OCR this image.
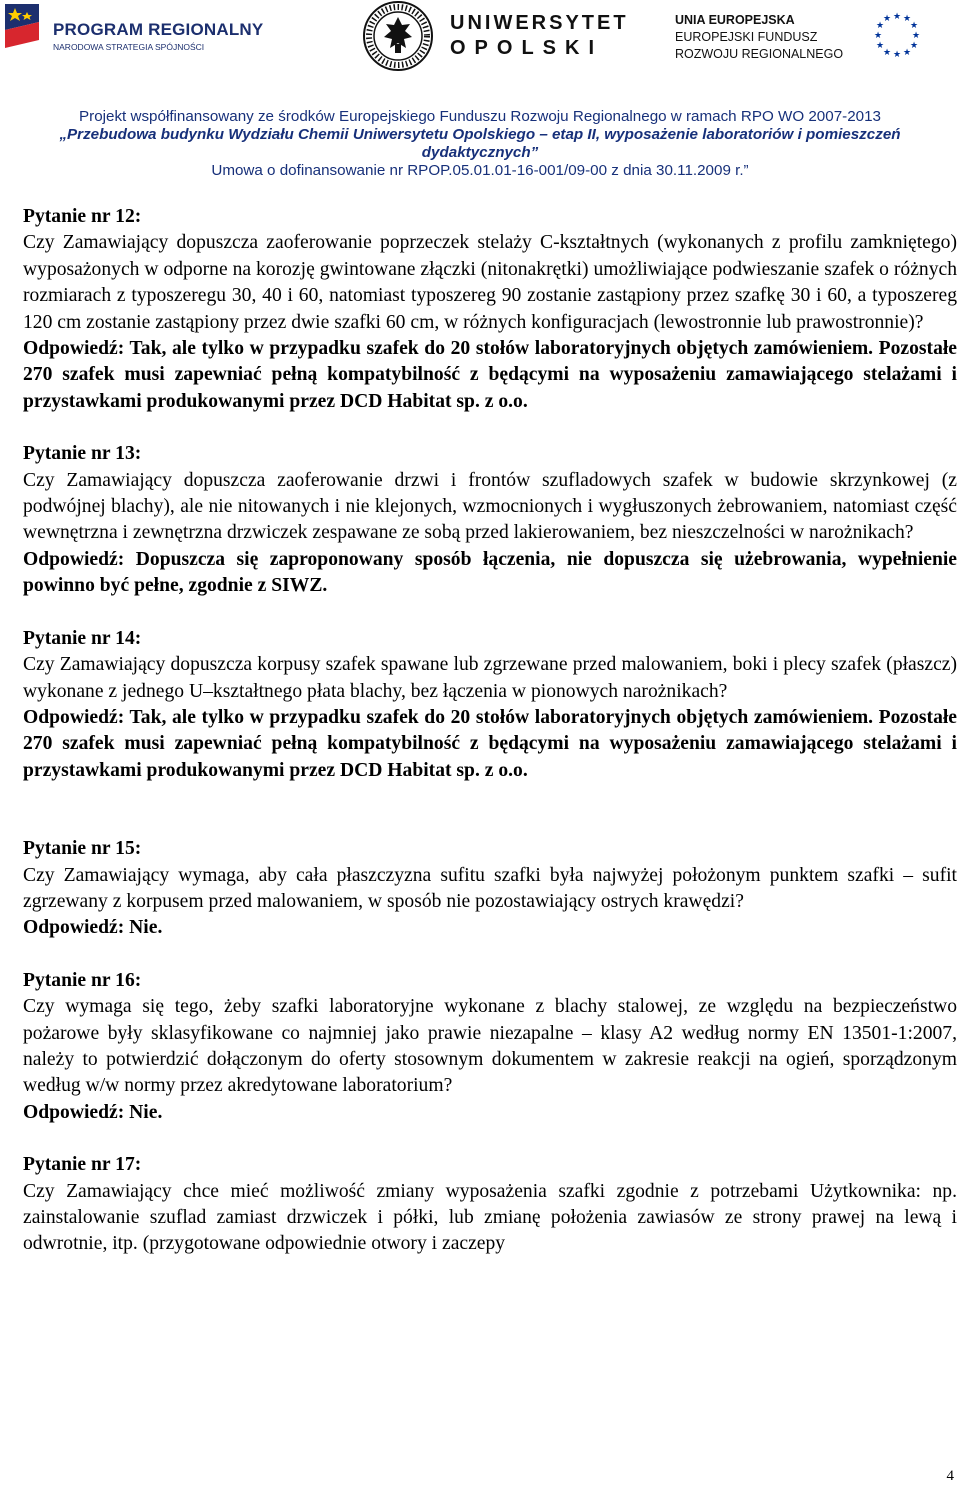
PROGRAM REGIONALNY
NARODOWA STRATEGIA SPÓJNOŚCI
UNIWERSYTET
OPOLSKI
UNIA EUROPEJSKA
EUROPEJSKI FUNDUSZ
ROZWOJU REGIONALNEGO
★ ★
★
★
★
★
★
★
★
★
★
★
Projekt współfinansowany ze środków Europejskiego Funduszu Rozwoju Regionalnego w ramach RPO WO 2007-2013
„Przebudowa budynku Wydziału Chemii Uniwersytetu Opolskiego – etap II, wyposażenie laboratoriów i pomieszczeń dydaktycznych”
Umowa o dofinansowanie nr RPOP.05.01.01-16-001/09-00 z dnia 30.11.2009 r.”

Pytanie nr 12:

Czy Zamawiający dopuszcza zaoferowanie poprzeczek stelaży C-kształtnych (wykonanych z profilu zamkniętego) wyposażonych w odporne na korozję gwintowane złączki (nitonakrętki) umożliwiające podwieszanie szafek o różnych rozmiarach z typoszeregu 30, 40 i 60, natomiast typoszereg 90 zostanie zastąpiony przez szafkę 30 i 60, a typoszereg 120 cm zostanie zastąpiony przez dwie szafki 60 cm, w różnych konfiguracjach (lewostronnie lub prawostronnie)?

Odpowiedź: Tak, ale tylko w przypadku szafek do 20 stołów laboratoryjnych objętych zamówieniem. Pozostałe 270 szafek musi zapewniać pełną kompatybilność z będącymi na wyposażeniu zamawiającego stelażami i przystawkami produkowanymi przez DCD Habitat sp. z o.o.

Pytanie nr 13:

Czy Zamawiający dopuszcza zaoferowanie drzwi i frontów szufladowych szafek w budowie skrzynkowej (z podwójnej blachy), ale nie nitowanych i nie klejonych, wzmocnionych i wygłuszonych żebrowaniem, natomiast część wewnętrzna i zewnętrzna drzwiczek zespawane ze sobą przed lakierowaniem, bez nieszczelności w narożnikach?

Odpowiedź: Dopuszcza się zaproponowany sposób łączenia, nie dopuszcza się użebrowania, wypełnienie powinno być pełne, zgodnie z SIWZ.

Pytanie nr 14:

Czy Zamawiający dopuszcza korpusy szafek spawane lub zgrzewane przed malowaniem, boki i plecy szafek (płaszcz) wykonane z jednego U–kształtnego płata blachy, bez łączenia w pionowych narożnikach?

Odpowiedź: Tak, ale tylko w przypadku szafek do 20 stołów laboratoryjnych objętych zamówieniem. Pozostałe 270 szafek musi zapewniać pełną kompatybilność z będącymi na wyposażeniu zamawiającego stelażami i przystawkami produkowanymi przez DCD Habitat sp. z o.o.

Pytanie nr 15:

Czy Zamawiający wymaga, aby cała płaszczyzna sufitu szafki była najwyżej położonym punktem szafki – sufit zgrzewany z korpusem przed malowaniem, w sposób nie pozostawiający ostrych krawędzi?

Odpowiedź: Nie.

Pytanie nr 16:

Czy wymaga się tego, żeby szafki laboratoryjne wykonane z blachy stalowej, ze względu na bezpieczeństwo pożarowe były sklasyfikowane co najmniej jako prawie niezapalne – klasy A2 według normy EN 13501-1:2007, należy to potwierdzić dołączonym do oferty stosownym dokumentem w zakresie reakcji na ogień, sporządzonym według w/w normy przez akredytowane laboratorium?

Odpowiedź: Nie.

Pytanie nr 17:

Czy Zamawiający chce mieć możliwość zmiany wyposażenia szafki zgodnie z potrzebami Użytkownika: np. zainstalowanie szuflad zamiast drzwiczek i półki, lub zmianę położenia zawiasów ze strony prawej na lewą i odwrotnie, itp. (przygotowane odpowiednie otwory i zaczepy

4
